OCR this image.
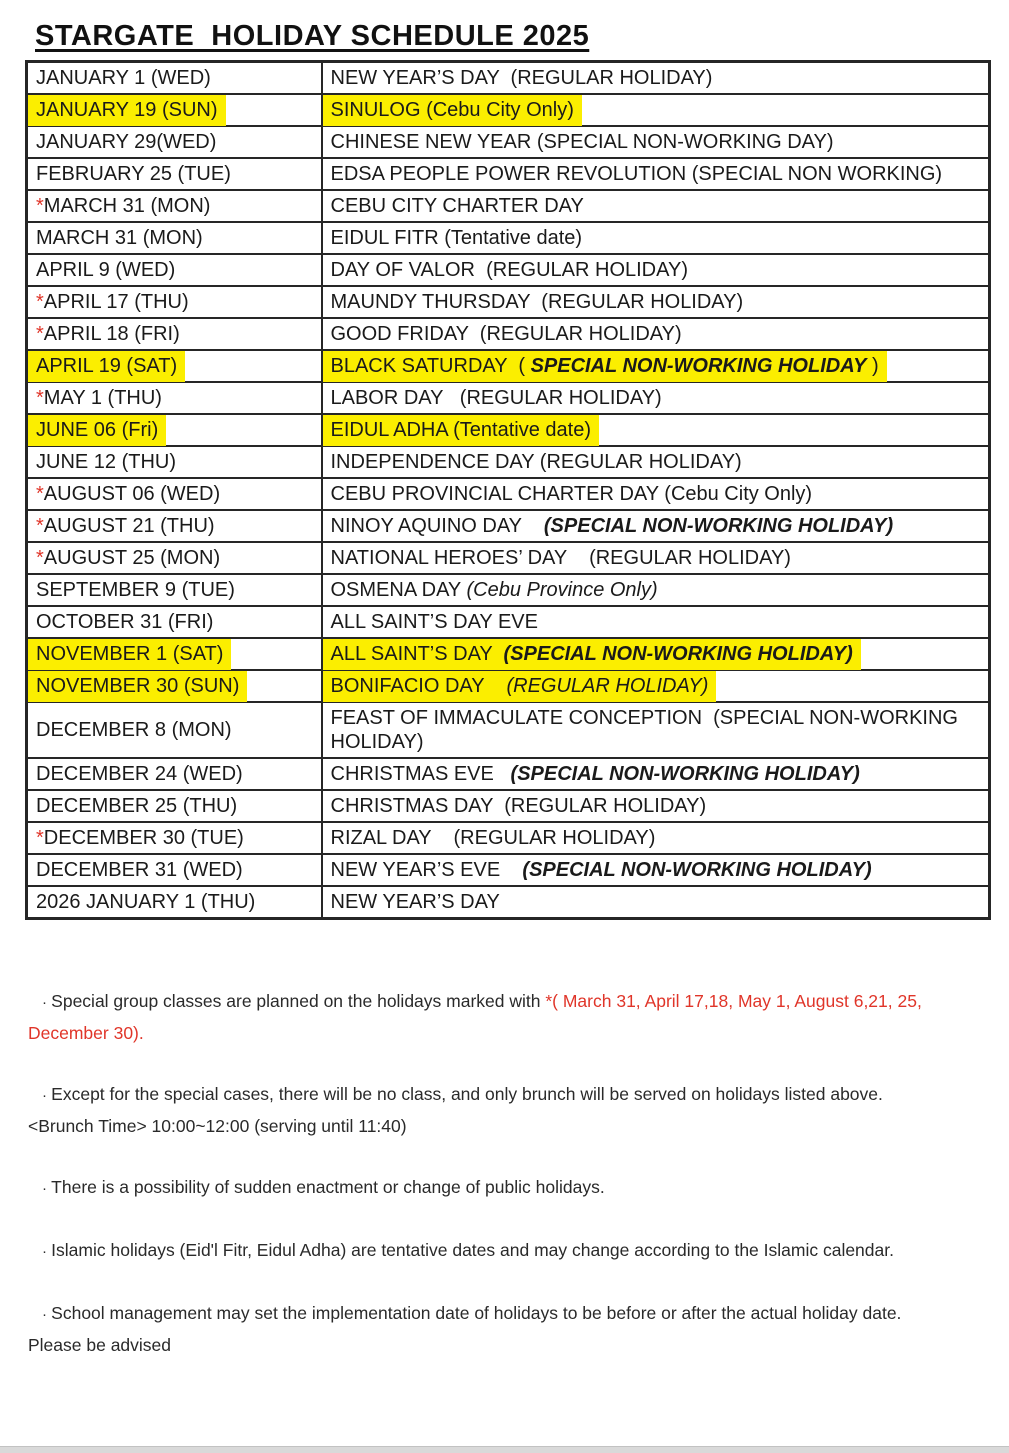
STARGATE  HOLIDAY SCHEDULE 2025
JANUARY 1 (WED)	NEW YEAR’S DAY  (REGULAR HOLIDAY)
JANUARY 19 (SUN)	SINULOG (Cebu City Only)
JANUARY 29(WED)	CHINESE NEW YEAR (SPECIAL NON-WORKING DAY)
FEBRUARY 25 (TUE)	EDSA PEOPLE POWER REVOLUTION (SPECIAL NON WORKING)
*MARCH 31 (MON)	CEBU CITY CHARTER DAY
MARCH 31 (MON)	EIDUL FITR (Tentative date)
APRIL 9 (WED)	DAY OF VALOR  (REGULAR HOLIDAY)
*APRIL 17 (THU)	MAUNDY THURSDAY  (REGULAR HOLIDAY)
*APRIL 18 (FRI)	GOOD FRIDAY  (REGULAR HOLIDAY)
APRIL 19 (SAT)	BLACK SATURDAY  ( SPECIAL NON-WORKING HOLIDAY )
*MAY 1 (THU)	LABOR DAY   (REGULAR HOLIDAY)
JUNE 06 (Fri)	EIDUL ADHA (Tentative date)
JUNE 12 (THU)	INDEPENDENCE DAY (REGULAR HOLIDAY)
*AUGUST 06 (WED)	CEBU PROVINCIAL CHARTER DAY (Cebu City Only)
*AUGUST 21 (THU)	NINOY AQUINO DAY    (SPECIAL NON-WORKING HOLIDAY)
*AUGUST 25 (MON)	NATIONAL HEROES’ DAY    (REGULAR HOLIDAY)
SEPTEMBER 9 (TUE)	OSMENA DAY (Cebu Province Only)
OCTOBER 31 (FRI)	ALL SAINT’S DAY EVE
NOVEMBER 1 (SAT)	ALL SAINT’S DAY  (SPECIAL NON-WORKING HOLIDAY)
NOVEMBER 30 (SUN)	BONIFACIO DAY    (REGULAR HOLIDAY)
DECEMBER 8 (MON)	FEAST OF IMMACULATE CONCEPTION  (SPECIAL NON-WORKING HOLIDAY)
DECEMBER 24 (WED)	CHRISTMAS EVE   (SPECIAL NON-WORKING HOLIDAY)
DECEMBER 25 (THU)	CHRISTMAS DAY  (REGULAR HOLIDAY)
*DECEMBER 30 (TUE)	RIZAL DAY    (REGULAR HOLIDAY)
DECEMBER 31 (WED)	NEW YEAR’S EVE    (SPECIAL NON-WORKING HOLIDAY)
2026 JANUARY 1 (THU)	NEW YEAR’S DAY

· Special group classes are planned on the holidays marked with *( March 31, April 17,18, May 1, August 6,21, 25, December 30).

· Except for the special cases, there will be no class, and only brunch will be served on holidays listed above. <Brunch Time> 10:00~12:00 (serving until 11:40)

· There is a possibility of sudden enactment or change of public holidays.

· Islamic holidays (Eid'l Fitr, Eidul Adha) are tentative dates and may change according to the Islamic calendar.

· School management may set the implementation date of holidays to be before or after the actual holiday date. Please be advised
